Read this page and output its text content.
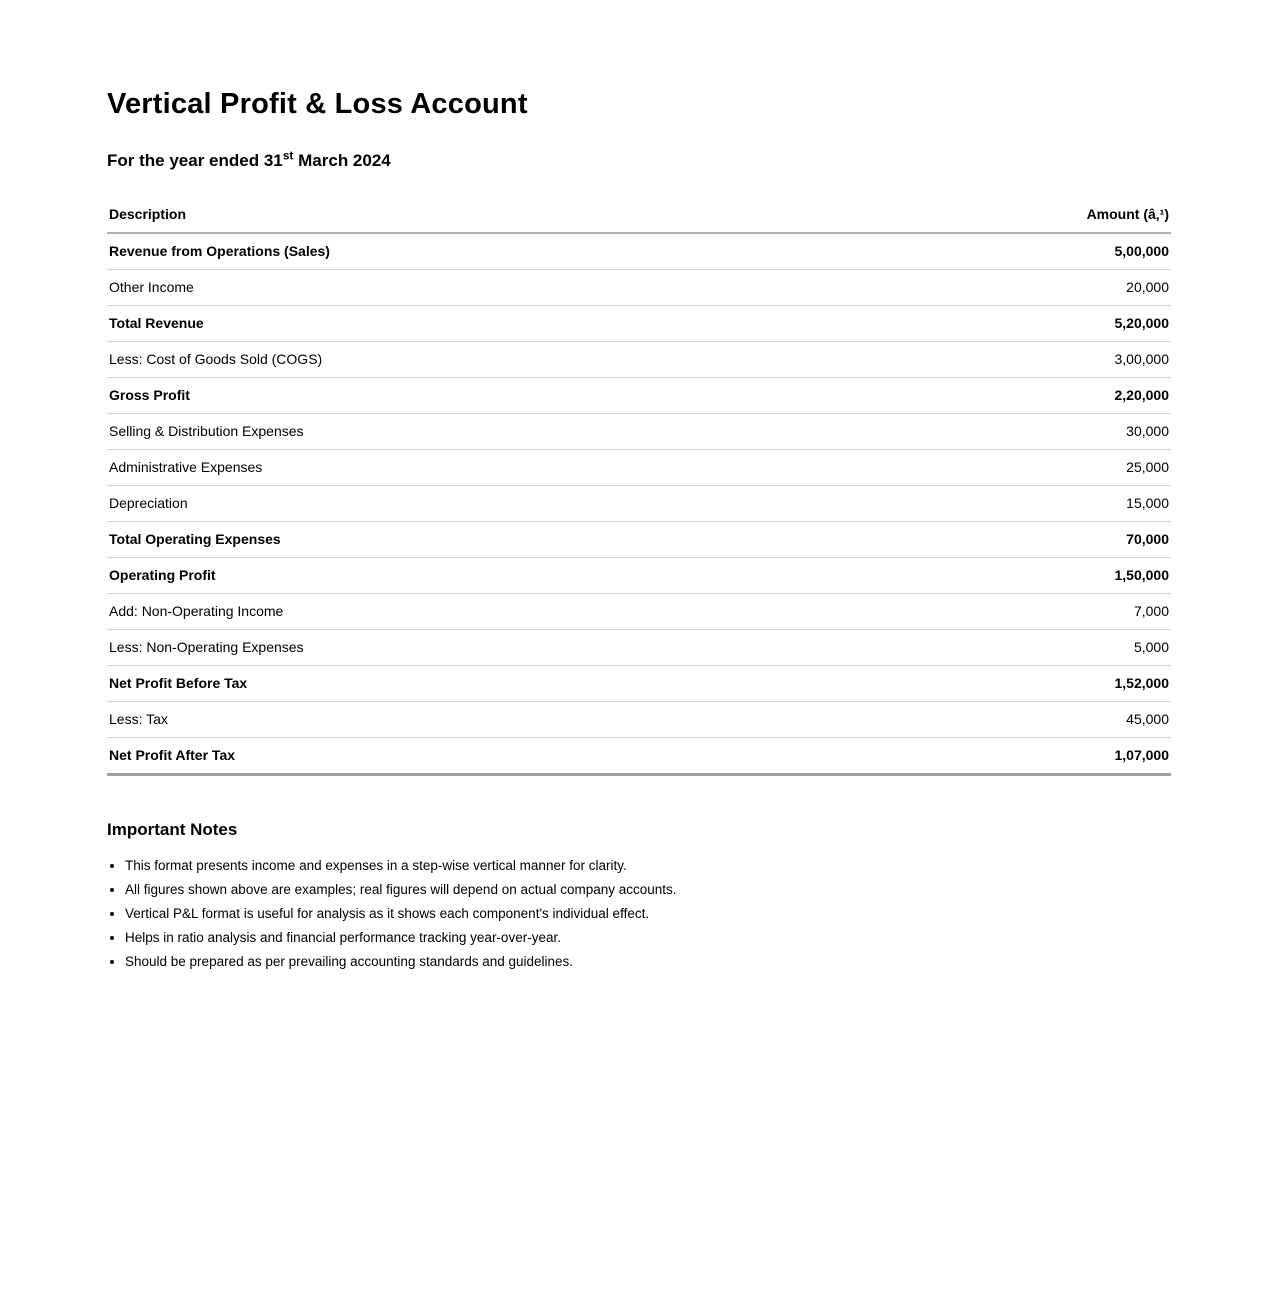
Vertical Profit & Loss Account
For the year ended 31st March 2024
Description	Amount (â‚¹)
Revenue from Operations (Sales)	5,00,000
Other Income	20,000
Total Revenue	5,20,000
Less: Cost of Goods Sold (COGS)	3,00,000
Gross Profit	2,20,000
Selling & Distribution Expenses	30,000
Administrative Expenses	25,000
Depreciation	15,000
Total Operating Expenses	70,000
Operating Profit	1,50,000
Add: Non-Operating Income	7,000
Less: Non-Operating Expenses	5,000
Net Profit Before Tax	1,52,000
Less: Tax	45,000
Net Profit After Tax	1,07,000
Important Notes
• This format presents income and expenses in a step-wise vertical manner for clarity.
• All figures shown above are examples; real figures will depend on actual company accounts.
• Vertical P&L format is useful for analysis as it shows each component's individual effect.
• Helps in ratio analysis and financial performance tracking year-over-year.
• Should be prepared as per prevailing accounting standards and guidelines.
